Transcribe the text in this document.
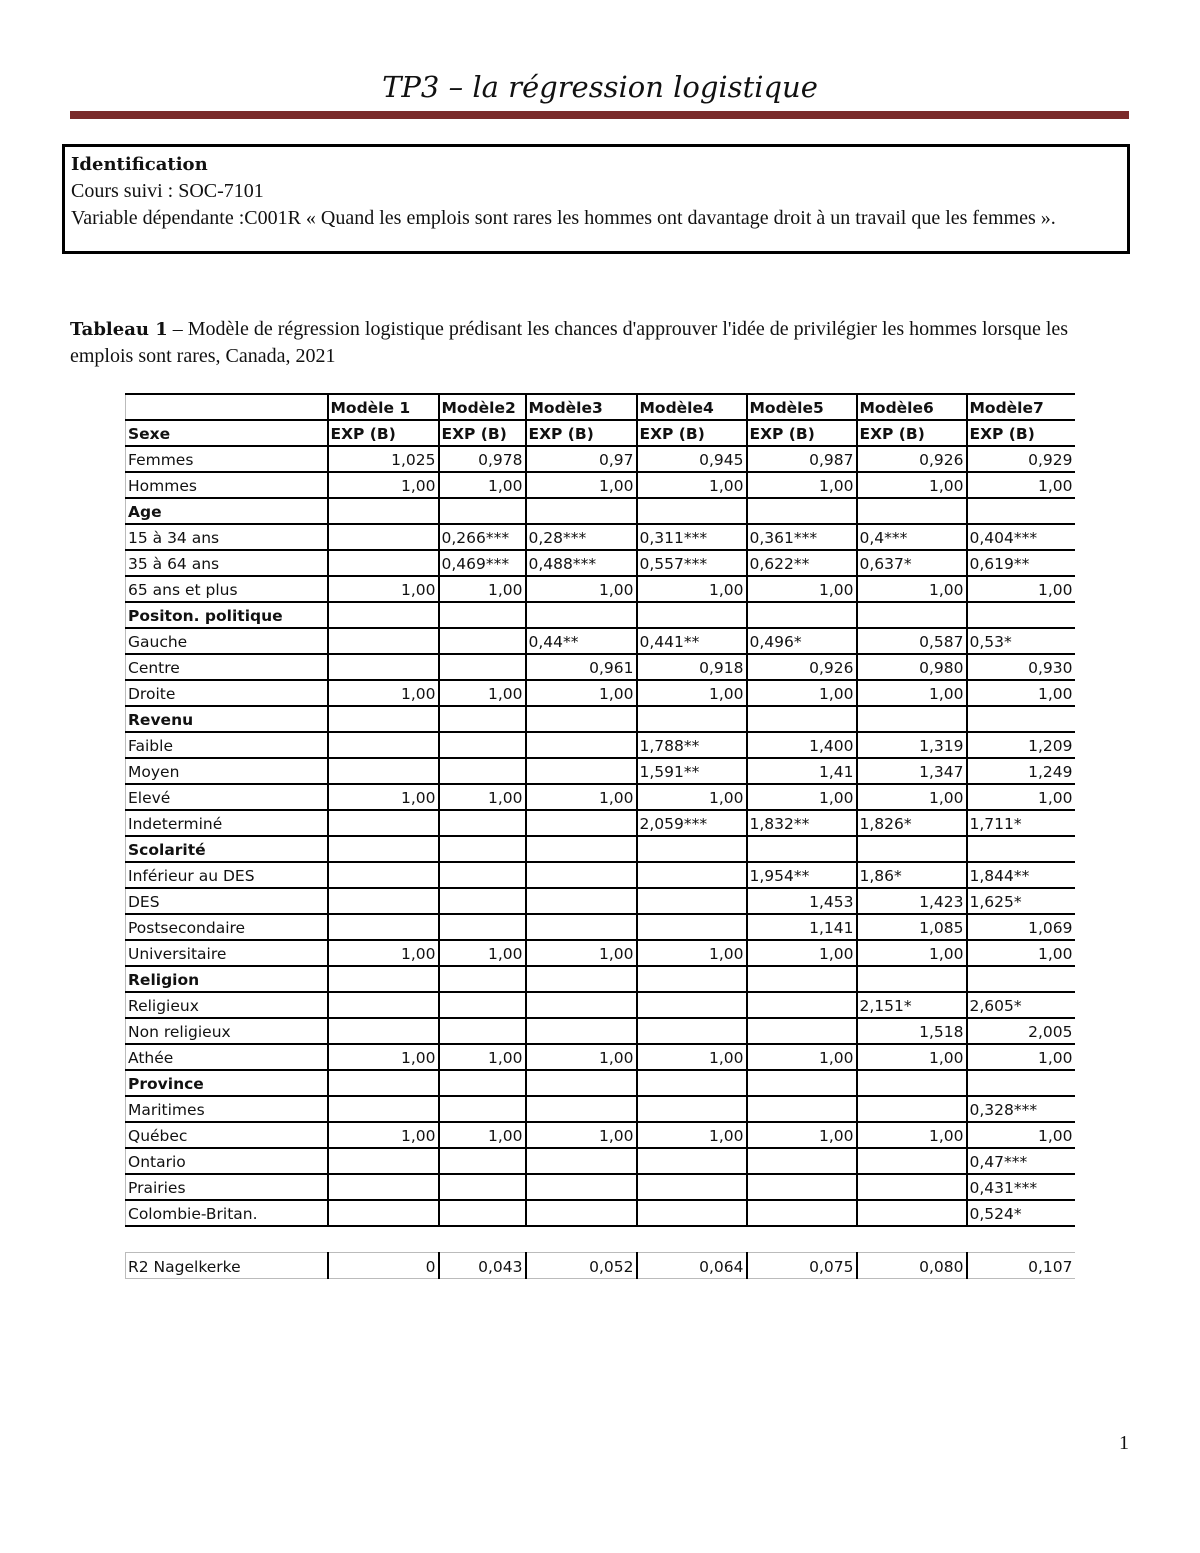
TP3 – la régression logistique
Identification
Cours suivi : SOC-7101
Variable dépendante :C001R « Quand les emplois sont rares les hommes ont davantage droit à un travail que les femmes ».
Tableau 1 – Modèle de régression logistique prédisant les chances d'approuver l'idée de privilégier les hommes lorsque les emplois sont rares, Canada, 2021
	Modèle 1	Modèle2	Modèle3	Modèle4	Modèle5	Modèle6	Modèle7
Sexe	EXP (B)	EXP (B)	EXP (B)	EXP (B)	EXP (B)	EXP (B)	EXP (B)
Femmes	1,025	0,978	0,97	0,945	0,987	0,926	0,929
Hommes	1,00	1,00	1,00	1,00	1,00	1,00	1,00
Age							
15 à 34 ans		0,266***	0,28***	0,311***	0,361***	0,4***	0,404***
35 à 64 ans		0,469***	0,488***	0,557***	0,622**	0,637*	0,619**
65 ans et plus	1,00	1,00	1,00	1,00	1,00	1,00	1,00
Positon. politique							
Gauche			0,44**	0,441**	0,496*	0,587	0,53*
Centre			0,961	0,918	0,926	0,980	0,930
Droite	1,00	1,00	1,00	1,00	1,00	1,00	1,00
Revenu							
Faible				1,788**	1,400	1,319	1,209
Moyen				1,591**	1,41	1,347	1,249
Elevé	1,00	1,00	1,00	1,00	1,00	1,00	1,00
Indeterminé				2,059***	1,832**	1,826*	1,711*
Scolarité							
Inférieur au DES					1,954**	1,86*	1,844**
DES					1,453	1,423	1,625*
Postsecondaire					1,141	1,085	1,069
Universitaire	1,00	1,00	1,00	1,00	1,00	1,00	1,00
Religion							
Religieux						2,151*	2,605*
Non religieux						1,518	2,005
Athée	1,00	1,00	1,00	1,00	1,00	1,00	1,00
Province							
Maritimes							0,328***
Québec	1,00	1,00	1,00	1,00	1,00	1,00	1,00
Ontario							0,47***
Prairies							0,431***
Colombie-Britan.							0,524*

R2 Nagelkerke	0	0,043	0,052	0,064	0,075	0,080	0,107
1
